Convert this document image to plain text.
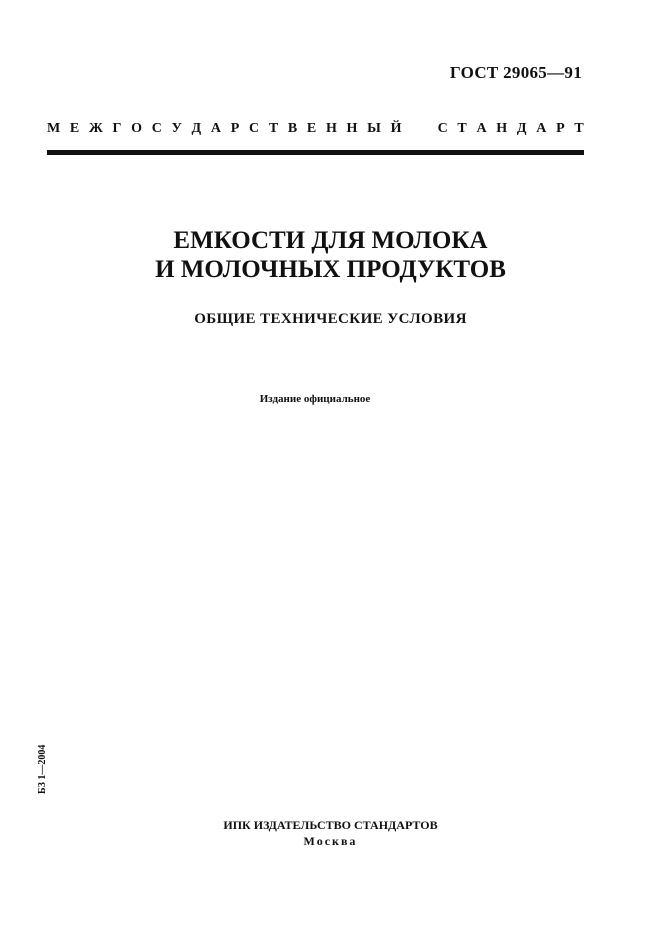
ГОСТ 29065—91
М Е Ж Г О С У Д А Р С Т В Е Н Н Ы Й

	С Т А Н Д А Р Т
ЕМКОСТИ ДЛЯ МОЛОКА
И МОЛОЧНЫХ ПРОДУКТОВ
ОБЩИЕ ТЕХНИЧЕСКИЕ УСЛОВИЯ
Издание официальное
БЗ 1—2004
ИПК ИЗДАТЕЛЬСТВО СТАНДАРТОВ
Москва
